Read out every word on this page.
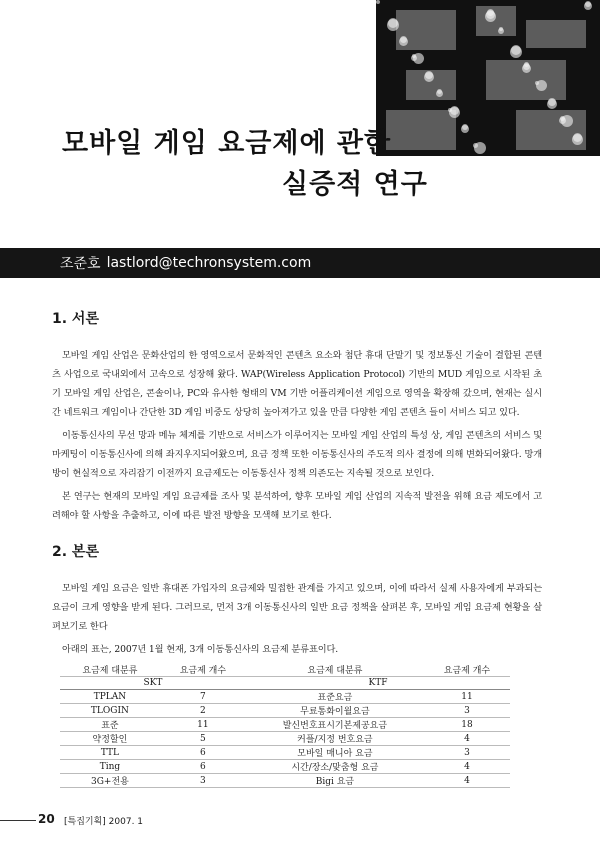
모바일 게임 요금제에 관한
실증적 연구
조준호 lastlord@techronsystem.com
1. 서론

모바일 게임 산업은 문화산업의 한 영역으로서 문화적인 콘텐츠 요소와 첨단 휴대 단말기 및 정보통신 기술이 결합된 콘텐츠 사업으로 국내외에서 고속으로 성장해 왔다. WAP(Wireless Application Protocol) 기반의 MUD 게임으로 시작된 초기 모바일 게임 산업은, 콘솔이나, PC와 유사한 형태의 VM 기반 어플리케이션 게임으로 영역을 확장해 갔으며, 현재는 실시간 네트워크 게임이나 간단한 3D 게임 비중도 상당히 높아져가고 있을 만큼 다양한 게임 콘텐츠 들이 서비스 되고 있다.

이동통신사의 무선 망과 메뉴 체계를 기반으로 서비스가 이루어지는 모바일 게임 산업의 특성 상, 게임 콘텐츠의 서비스 및 마케팅이 이동통신사에 의해 좌지우지되어왔으며, 요금 정책 또한 이동통신사의 주도적 의사 결정에 의해 변화되어왔다. 망개방이 현실적으로 자리잡기 이전까지 요금제도는 이동통신사 정책 의존도는 지속될 것으로 보인다.

본 연구는 현재의 모바일 게임 요금제를 조사 및 분석하여, 향후 모바일 게임 산업의 지속적 발전을 위해 요금 제도에서 고려해야 할 사항을 추출하고, 이에 따른 발전 방향을 모색해 보기로 한다.

2. 본론

모바일 게임 요금은 일반 휴대폰 가입자의 요금제와 밀접한 관계를 가지고 있으며, 이에 따라서 실제 사용자에게 부과되는 요금이 크게 영향을 받게 된다. 그러므로, 먼저 3개 이동통신사의 일반 요금 정책을 살펴본 후, 모바일 게임 요금제 현황을 살펴보기로 한다

아래의 표는, 2007년 1월 현재, 3개 이동통신사의 요금제 분류표이다.

요금제 대분류	요금제 개수	요금제 대분류	요금제 개수
SKT		KTF	
TPLAN	7	표준요금	11
TLOGIN	2	무료통화이월요금	3
표준	11	발신번호표시기본제공요금	18
약정할인	5	커플/지정 번호요금	4
TTL	6	모바일 매니아 요금	3
Ting	6	시간/장소/맞춤형 요금	4
3G+전용	3	Bigi 요금	4
20 [특집기획] 2007. 1
